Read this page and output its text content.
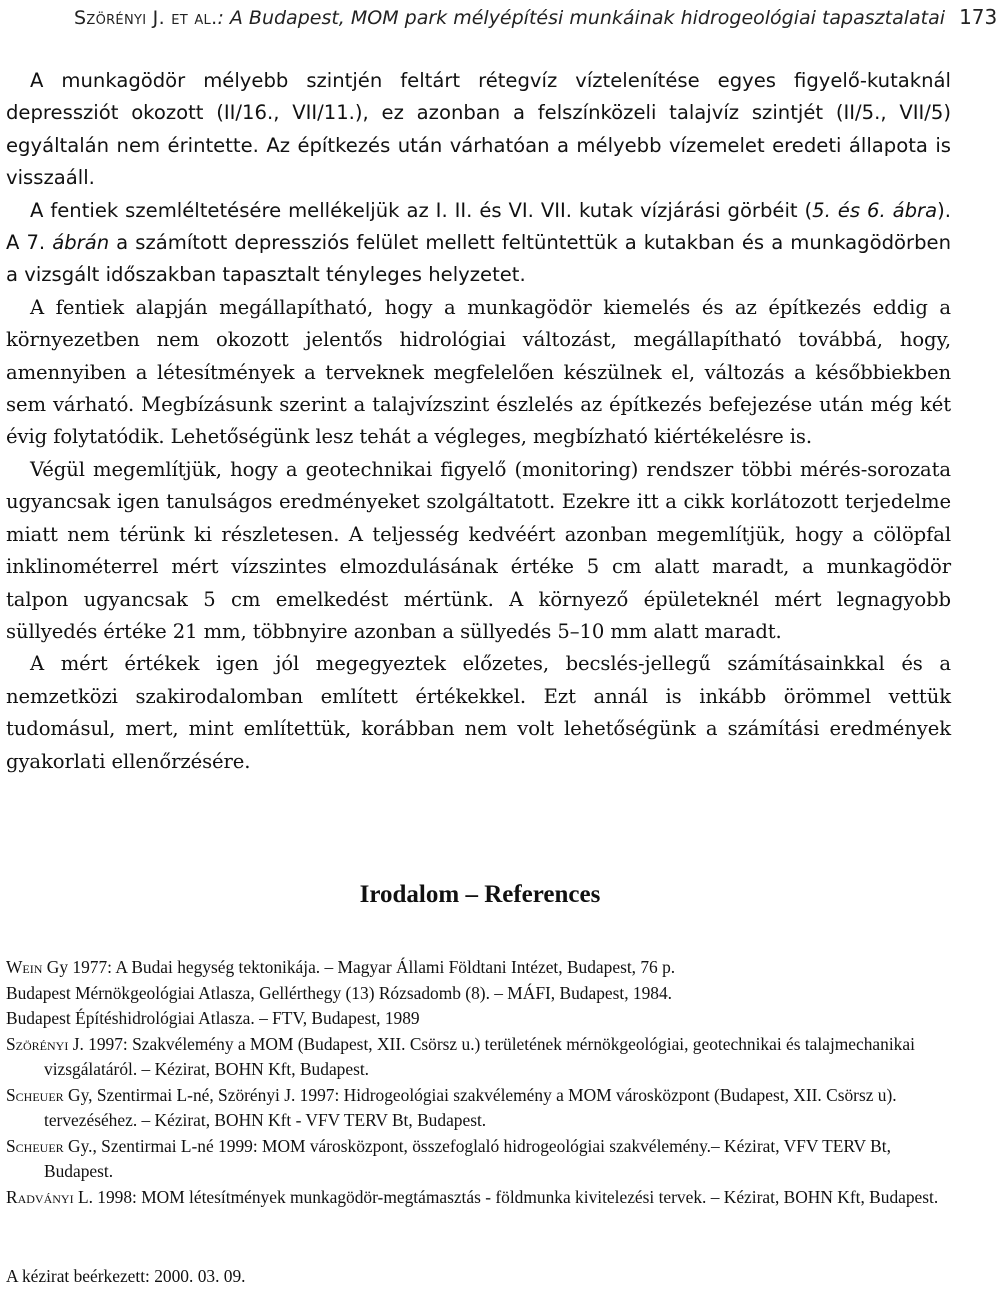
Szörényi J. et al.: A Budapest, MOM park mélyépítési munkáinak hidrogeológiai tapasztalatai 173

A munkagödör mélyebb szintjén feltárt rétegvíz víztelenítése egyes figyelő-kutaknál depressziót okozott (II/16., VII/11.), ez azonban a felszínközeli talajvíz szintjét (II/5., VII/5) egyáltalán nem érintette. Az építkezés után várhatóan a mélyebb vízemelet eredeti állapota is visszaáll.

A fentiek szemléltetésére mellékeljük az I. II. és VI. VII. kutak vízjárási görbéit (5. és 6. ábra). A 7. ábrán a számított depressziós felület mellett feltüntettük a kutakban és a munkagödörben a vizsgált időszakban tapasztalt tényleges helyzetet.

A fentiek alapján megállapítható, hogy a munkagödör kiemelés és az építkezés eddig a környezetben nem okozott jelentős hidrológiai változást, megállapítható továbbá, hogy, amennyiben a létesítmények a terveknek megfelelően készülnek el, változás a későbbiekben sem várható. Megbízásunk szerint a talajvízszint észlelés az építkezés befejezése után még két évig folytatódik. Lehetőségünk lesz tehát a végleges, megbízható kiértékelésre is.

Végül megemlítjük, hogy a geotechnikai figyelő (monitoring) rendszer többi mérés-sorozata ugyancsak igen tanulságos eredményeket szolgáltatott. Ezekre itt a cikk korlátozott terjedelme miatt nem térünk ki részletesen. A teljesség kedvéért azonban megemlítjük, hogy a cölöpfal inklinométerrel mért vízszintes elmozdulásának értéke 5 cm alatt maradt, a munkagödör talpon ugyancsak 5 cm emelkedést mértünk. A környező épületeknél mért legnagyobb süllyedés értéke 21 mm, többnyire azonban a süllyedés 5–10 mm alatt maradt.

A mért értékek igen jól megegyeztek előzetes, becslés-jellegű számításainkkal és a nemzetközi szakirodalomban említett értékekkel. Ezt annál is inkább örömmel vettük tudomásul, mert, mint említettük, korábban nem volt lehetőségünk a számítási eredmények gyakorlati ellenőrzésére.

Irodalom – References

Wein Gy 1977: A Budai hegység tektonikája. – Magyar Állami Földtani Intézet, Budapest, 76 p.

Budapest Mérnökgeológiai Atlasza, Gellérthegy (13) Rózsadomb (8). – MÁFI, Budapest, 1984.

Budapest Építéshidrológiai Atlasza. – FTV, Budapest, 1989

Szörényi J. 1997: Szakvélemény a MOM (Budapest, XII. Csörsz u.) területének mérnökgeológiai, geotechnikai és talajmechanikai vizsgálatáról. – Kézirat, BOHN Kft, Budapest.

Scheuer Gy, Szentirmai L-né, Szörényi J. 1997: Hidrogeológiai szakvélemény a MOM városközpont (Budapest, XII. Csörsz u). tervezéséhez. – Kézirat, BOHN Kft - VFV TERV Bt, Budapest.

Scheuer Gy., Szentirmai L-né 1999: MOM városközpont, összefoglaló hidrogeológiai szakvélemény.– Kézirat, VFV TERV Bt, Budapest.

Radványi L. 1998: MOM létesítmények munkagödör-megtámasztás - földmunka kivitelezési tervek. – Kézirat, BOHN Kft, Budapest.

A kézirat beérkezett: 2000. 03. 09.
